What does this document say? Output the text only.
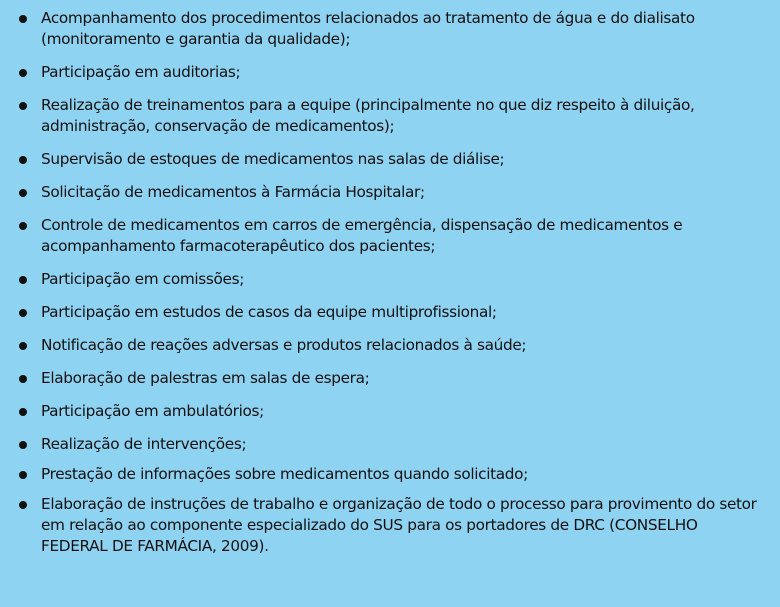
Acompanhamento dos procedimentos relacionados ao tratamento de água e do dialisato (monitoramento e garantia da qualidade);
Participação em auditorias;
Realização de treinamentos para a equipe (principalmente no que diz respeito à diluição, administração, conservação de medicamentos);
Supervisão de estoques de medicamentos nas salas de diálise;
Solicitação de medicamentos à Farmácia Hospitalar;
Controle de medicamentos em carros de emergência, dispensação de medicamentos e acompanhamento farmacoterapêutico dos pacientes;
Participação em comissões;
Participação em estudos de casos da equipe multiprofissional;
Notificação de reações adversas e produtos relacionados à saúde;
Elaboração de palestras em salas de espera;
Participação em ambulatórios;
Realização de intervenções;
Prestação de informações sobre medicamentos quando solicitado;
Elaboração de instruções de trabalho e organização de todo o processo para provimento do setor em relação ao componente especializado do SUS para os portadores de DRC (CONSELHO FEDERAL DE FARMÁCIA, 2009).
